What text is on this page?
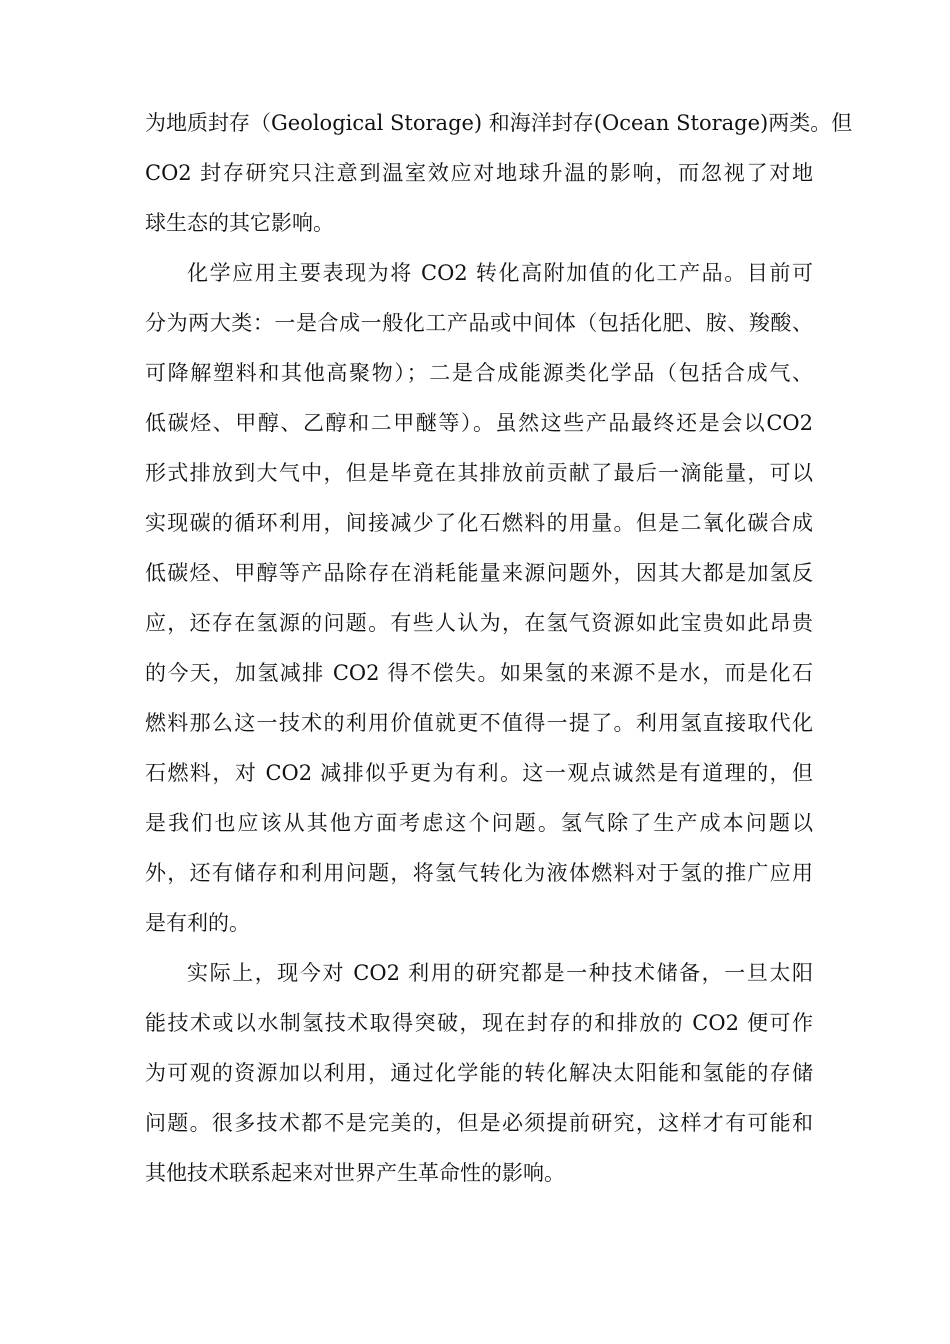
为地质封存（Geological Storage) 和海洋封存(Ocean Storage)两类。但
CO2 封存研究只注意到温室效应对地球升温的影响，而忽视了对地
球生态的其它影响。
化学应用主要表现为将 CO2 转化高附加值的化工产品。目前可
分为两大类：一是合成一般化工产品或中间体（包括化肥、胺、羧酸、
可降解塑料和其他高聚物）；二是合成能源类化学品（包括合成气、
低碳烃、甲醇、乙醇和二甲醚等）。虽然这些产品最终还是会以CO2
形式排放到大气中，但是毕竟在其排放前贡献了最后一滴能量，可以
实现碳的循环利用，间接减少了化石燃料的用量。但是二氧化碳合成
低碳烃、甲醇等产品除存在消耗能量来源问题外，因其大都是加氢反
应，还存在氢源的问题。有些人认为，在氢气资源如此宝贵如此昂贵
的今天，加氢减排 CO2 得不偿失。如果氢的来源不是水，而是化石
燃料那么这一技术的利用价值就更不值得一提了。利用氢直接取代化
石燃料，对 CO2 减排似乎更为有利。这一观点诚然是有道理的，但
是我们也应该从其他方面考虑这个问题。氢气除了生产成本问题以
外，还有储存和利用问题，将氢气转化为液体燃料对于氢的推广应用
是有利的。
实际上，现今对 CO2 利用的研究都是一种技术储备，一旦太阳
能技术或以水制氢技术取得突破，现在封存的和排放的 CO2 便可作
为可观的资源加以利用，通过化学能的转化解决太阳能和氢能的存储
问题。很多技术都不是完美的，但是必须提前研究，这样才有可能和
其他技术联系起来对世界产生革命性的影响。
